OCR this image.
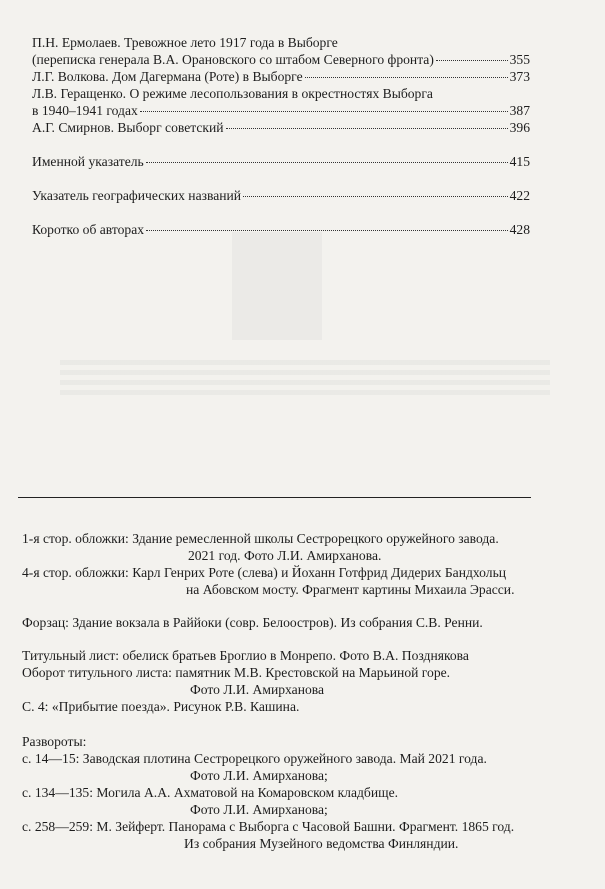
П.Н. Ермолаев. Тревожное лето 1917 года в Выборге
(переписка генерала В.А. Орановского со штабом Северного фронта)	355
Л.Г. Волкова. Дом Дагермана (Роте) в Выборге	373
Л.В. Геращенко. О режиме лесопользования в окрестностях Выборга
в 1940–1941 годах	387
А.Г. Смирнов. Выборг советский	396
Именной указатель	415
Указатель географических названий	422
Коротко об авторах	428
1-я стор. обложки: Здание ремесленной школы Сестрорецкого оружейного завода.
2021 год. Фото Л.И. Амирханова.
4-я стор. обложки: Карл Генрих Роте (слева) и Йоханн Готфрид Дидерих Бандхольц
на Абовском мосту. Фрагмент картины Михаила Эрасси.
Форзац: Здание вокзала в Раййоки (совр. Белоостров). Из собрания С.В. Ренни.
Титульный лист: обелиск братьев Броглио в Монрепо. Фото В.А. Позднякова
Оборот титульного листа: памятник М.В. Крестовской на Марьиной горе.
Фото Л.И. Амирханова
С. 4: «Прибытие поезда». Рисунок Р.В. Кашина.
Развороты:
с. 14—15: Заводская плотина Сестрорецкого оружейного завода. Май 2021 года.
Фото Л.И. Амирханова;
с. 134—135: Могила А.А. Ахматовой на Комаровском кладбище.
Фото Л.И. Амирханова;
с. 258—259: М. Зейферт. Панорама с Выборга с Часовой Башни. Фрагмент. 1865 год.
Из собрания Музейного ведомства Финляндии.
